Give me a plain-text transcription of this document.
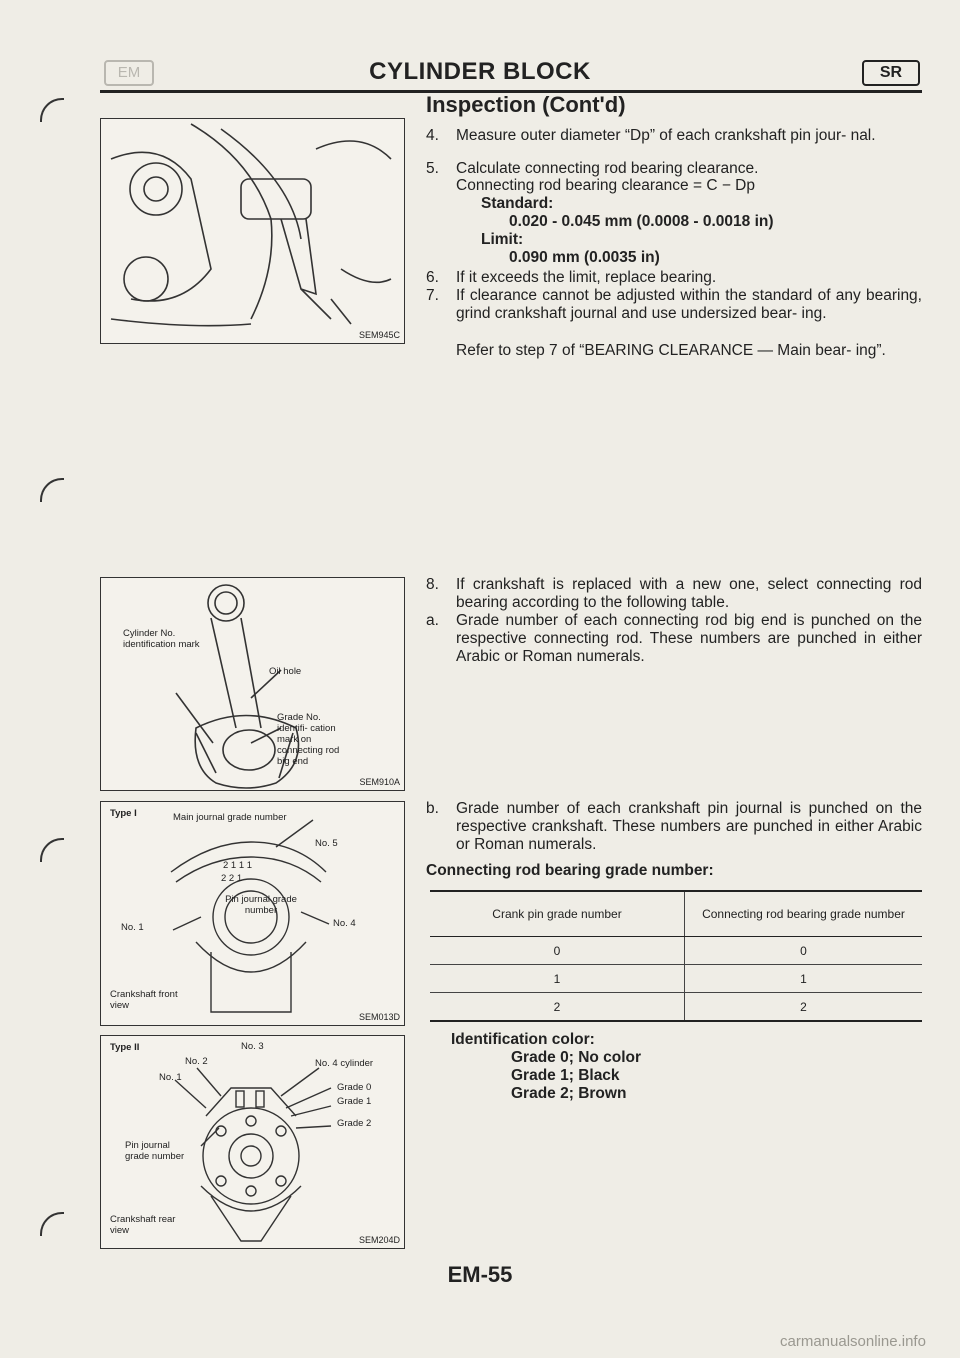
EM	CYLINDER BLOCK	SR
Inspection (Cont'd)
SEM945C
4. Measure outer diameter “Dp” of each crankshaft pin jour- nal.
5. Calculate connecting rod bearing clearance.
Connecting rod bearing clearance = C − Dp
Standard:
0.020 - 0.045 mm (0.0008 - 0.0018 in)
Limit:
0.090 mm (0.0035 in)
6. If it exceeds the limit, replace bearing.
7. If clearance cannot be adjusted within the standard of any bearing, grind crankshaft journal and use undersized bear- ing.
Refer to step 7 of “BEARING CLEARANCE — Main bear- ing”.
Cylinder No. identification mark
Oil hole
Grade No. identifi- cation mark on connecting rod big end
SEM910A
8. If crankshaft is replaced with a new one, select connecting rod bearing according to the following table.
a. Grade number of each connecting rod big end is punched on the respective connecting rod. These numbers are punched in either Arabic or Roman numerals.
Type I	Main journal grade number
No. 5
2 1 1 1
2 2 1
Pin journal grade number
No. 1	No. 4
Crankshaft front view
SEM013D
b. Grade number of each crankshaft pin journal is punched on the respective crankshaft. These numbers are punched in either Arabic or Roman numerals.
Connecting rod bearing grade number:
Crank pin grade number	Connecting rod bearing grade number
0	0
1	1
2	2
Type II	No. 3
No. 2
No. 1
No. 4 cylinder
Grade 0
Grade 1
Grade 2
Pin journal grade number
Crankshaft rear view
SEM204D
Identification color:
Grade 0; No color
Grade 1; Black
Grade 2; Brown
EM-55
carmanualsonline.info
